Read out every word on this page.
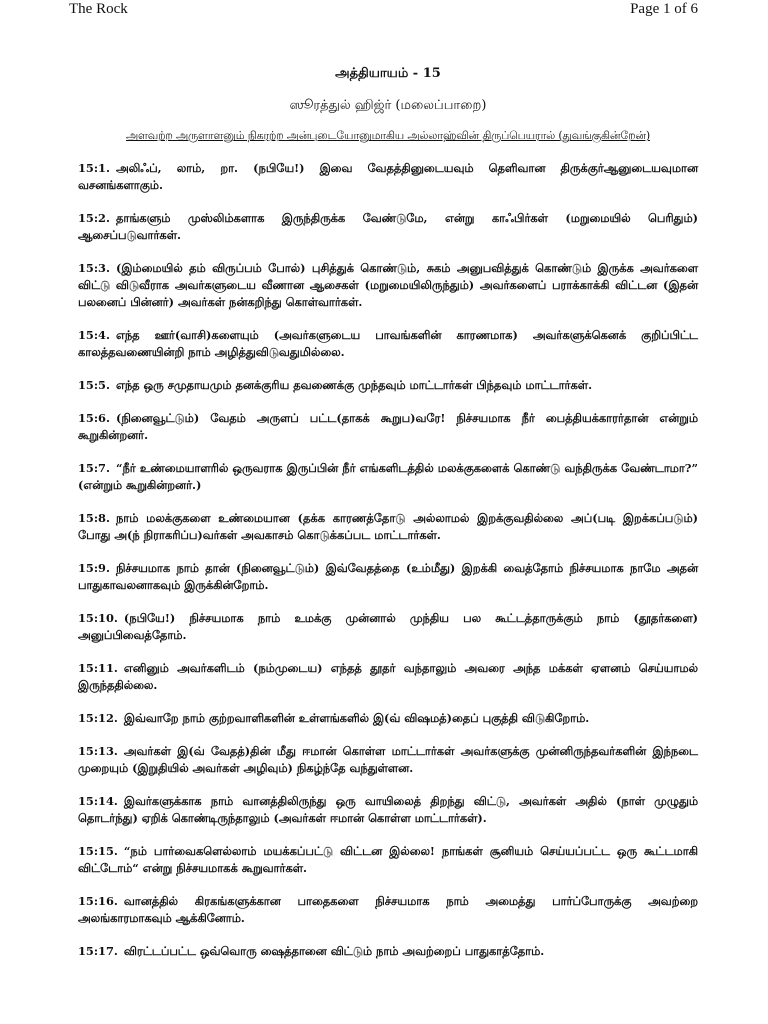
The Rock	Page 1 of 6
அத்தியாயம் - 15
ஸூரத்துல் ஹிஜ்ர் (மலைப்பாறை)
அளவற்ற அருளாளனும் நிகரற்ற அன்புடையோனுமாகிய அல்லாஹ்வின் திருப்பெயரால் (துவங்குகின்றேன்)

15:1. அலிஃப், லாம், றா. (நபியே!) இவை வேதத்தினுடையவும் தெளிவான திருக்குர்ஆனுடையவுமான வசனங்களாகும்.

15:2. தாங்களும் முஸ்லிம்களாக இருந்திருக்க வேண்டுமே, என்று காஃபிர்கள் (மறுமையில் பெரிதும்) ஆசைப்படுவார்கள்.

15:3. (இம்மையில் தம் விருப்பம் போல்) புசித்துக் கொண்டும், சுகம் அனுபவித்துக் கொண்டும் இருக்க அவர்களை விட்டு விடுவீராக அவர்களுடைய வீணான ஆசைகள் (மறுமையிலிருந்தும்) அவர்களைப் பராக்காக்கி விட்டன (இதன் பலனைப் பின்னர்) அவர்கள் நன்கறிந்து கொள்வார்கள்.

15:4. எந்த ஊர்(வாசி)களையும் (அவர்களுடைய பாவங்களின் காரணமாக) அவர்களுக்கெனக் குறிப்பிட்ட காலத்தவணையின்றி நாம் அழித்துவிடுவதுமில்லை.

15:5. எந்த ஒரு சமுதாயமும் தனக்குரிய தவணைக்கு முந்தவும் மாட்டார்கள் பிந்தவும் மாட்டார்கள்.

15:6. (நினைவூட்டும்) வேதம் அருளப் பட்ட(தாகக் கூறுப)வரே! நிச்சயமாக நீர் பைத்தியக்காரர்தான் என்றும் கூறுகின்றனர்.

15:7. “நீர் உண்மையாளரில் ஒருவராக இருப்பின் நீர் எங்களிடத்தில் மலக்குகளைக் கொண்டு வந்திருக்க வேண்டாமா?” (என்றும் கூறுகின்றனர்.)

15:8. நாம் மலக்குகளை உண்மையான (தக்க காரணத்தோடு அல்லாமல் இறக்குவதில்லை அப்(படி இறக்கப்படும்) போது அ(ந் நிராகரிப்ப)வர்கள் அவகாசம் கொடுக்கப்பட மாட்டார்கள்.

15:9. நிச்சயமாக நாம் தான் (நினைவூட்டும்) இவ்வேதத்தை (உம்மீது) இறக்கி வைத்தோம் நிச்சயமாக நாமே அதன் பாதுகாவலனாகவும் இருக்கின்றோம்.

15:10. (நபியே!) நிச்சயமாக நாம் உமக்கு முன்னால் முந்திய பல கூட்டத்தாருக்கும் நாம் (தூதர்களை) அனுப்பிவைத்தோம்.

15:11. எனினும் அவர்களிடம் (நம்முடைய) எந்தத் தூதர் வந்தாலும் அவரை அந்த மக்கள் ஏளனம் செய்யாமல் இருந்ததில்லை.

15:12. இவ்வாறே நாம் குற்றவாளிகளின் உள்ளங்களில் இ(வ் விஷமத்)தைப் புகுத்தி விடுகிறோம்.

15:13. அவர்கள் இ(வ் வேதத்)தின் மீது ஈமான் கொள்ள மாட்டார்கள் அவர்களுக்கு முன்னிருந்தவர்களின் இந்நடை முறையும் (இறுதியில் அவர்கள் அழிவும்) நிகழ்ந்தே வந்துள்ளன.

15:14. இவர்களுக்காக நாம் வானத்திலிருந்து ஒரு வாயிலைத் திறந்து விட்டு, அவர்கள் அதில் (நாள் முழுதும் தொடர்ந்து) ஏறிக் கொண்டிருந்தாலும் (அவர்கள் ஈமான் கொள்ள மாட்டார்கள்).

15:15. “நம் பார்வைகளெல்லாம் மயக்கப்பட்டு விட்டன இல்லை! நாங்கள் சூனியம் செய்யப்பட்ட ஒரு கூட்டமாகி விட்டோம்“ என்று நிச்சயமாகக் கூறுவார்கள்.

15:16. வானத்தில் கிரகங்களுக்கான பாதைகளை நிச்சயமாக நாம் அமைத்து பார்ப்போருக்கு அவற்றை அலங்காரமாகவும் ஆக்கினோம்.

15:17. விரட்டப்பட்ட ஒவ்வொரு ஷைத்தானை விட்டும் நாம் அவற்றைப் பாதுகாத்தோம்.
